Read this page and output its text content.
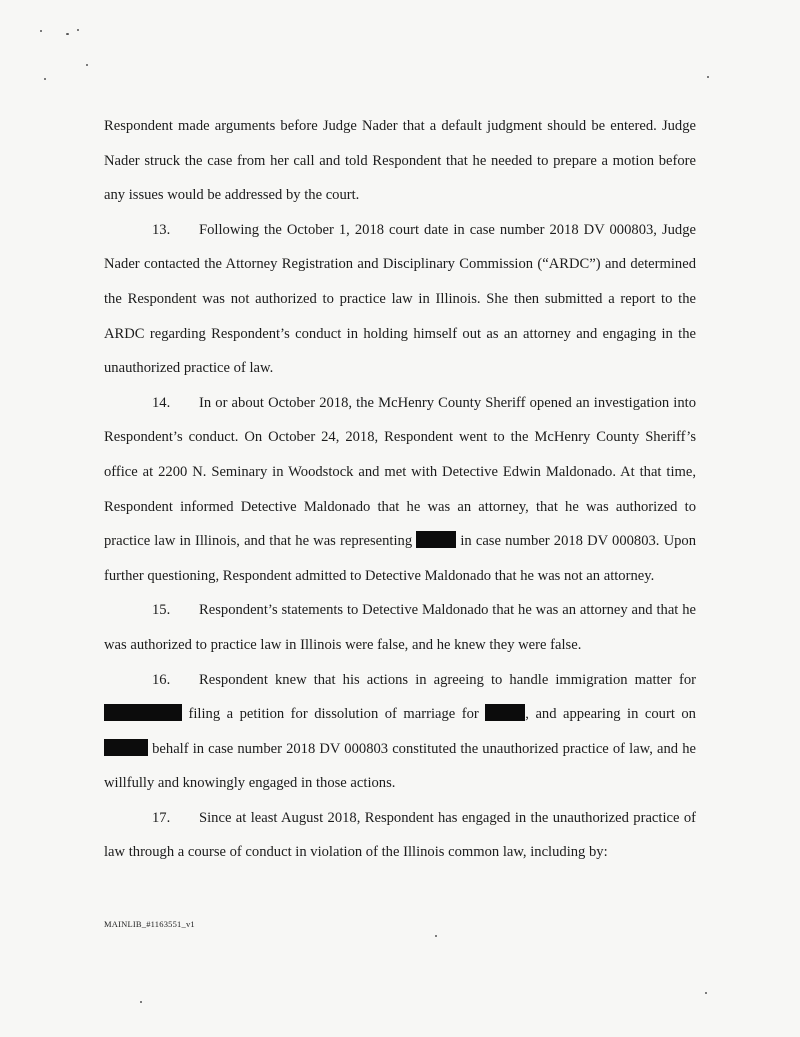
Respondent made arguments before Judge Nader that a default judgment should be entered. Judge Nader struck the case from her call and told Respondent that he needed to prepare a motion before any issues would be addressed by the court.

13. Following the October 1, 2018 court date in case number 2018 DV 000803, Judge Nader contacted the Attorney Registration and Disciplinary Commission (“ARDC”) and determined the Respondent was not authorized to practice law in Illinois. She then submitted a report to the ARDC regarding Respondent’s conduct in holding himself out as an attorney and engaging in the unauthorized practice of law.

14. In or about October 2018, the McHenry County Sheriff opened an investigation into Respondent’s conduct. On October 24, 2018, Respondent went to the McHenry County Sheriff’s office at 2200 N. Seminary in Woodstock and met with Detective Edwin Maldonado. At that time, Respondent informed Detective Maldonado that he was an attorney, that he was authorized to practice law in Illinois, and that he was representing	in case number 2018 DV 000803. Upon further questioning, Respondent admitted to Detective Maldonado that he was not an attorney.

15. Respondent’s statements to Detective Maldonado that he was an attorney and that he was authorized to practice law in Illinois were false, and he knew they were false.

16. Respondent knew that his actions in agreeing to handle immigration matter for  filing a petition for dissolution of marriage for	, and appearing in court on  behalf in case number 2018 DV 000803 constituted the unauthorized practice of law, and he willfully and knowingly engaged in those actions.

17. Since at least August 2018, Respondent has engaged in the unauthorized practice of law through a course of conduct in violation of the Illinois common law, including by:

MAINLIB_#1163551_v1
